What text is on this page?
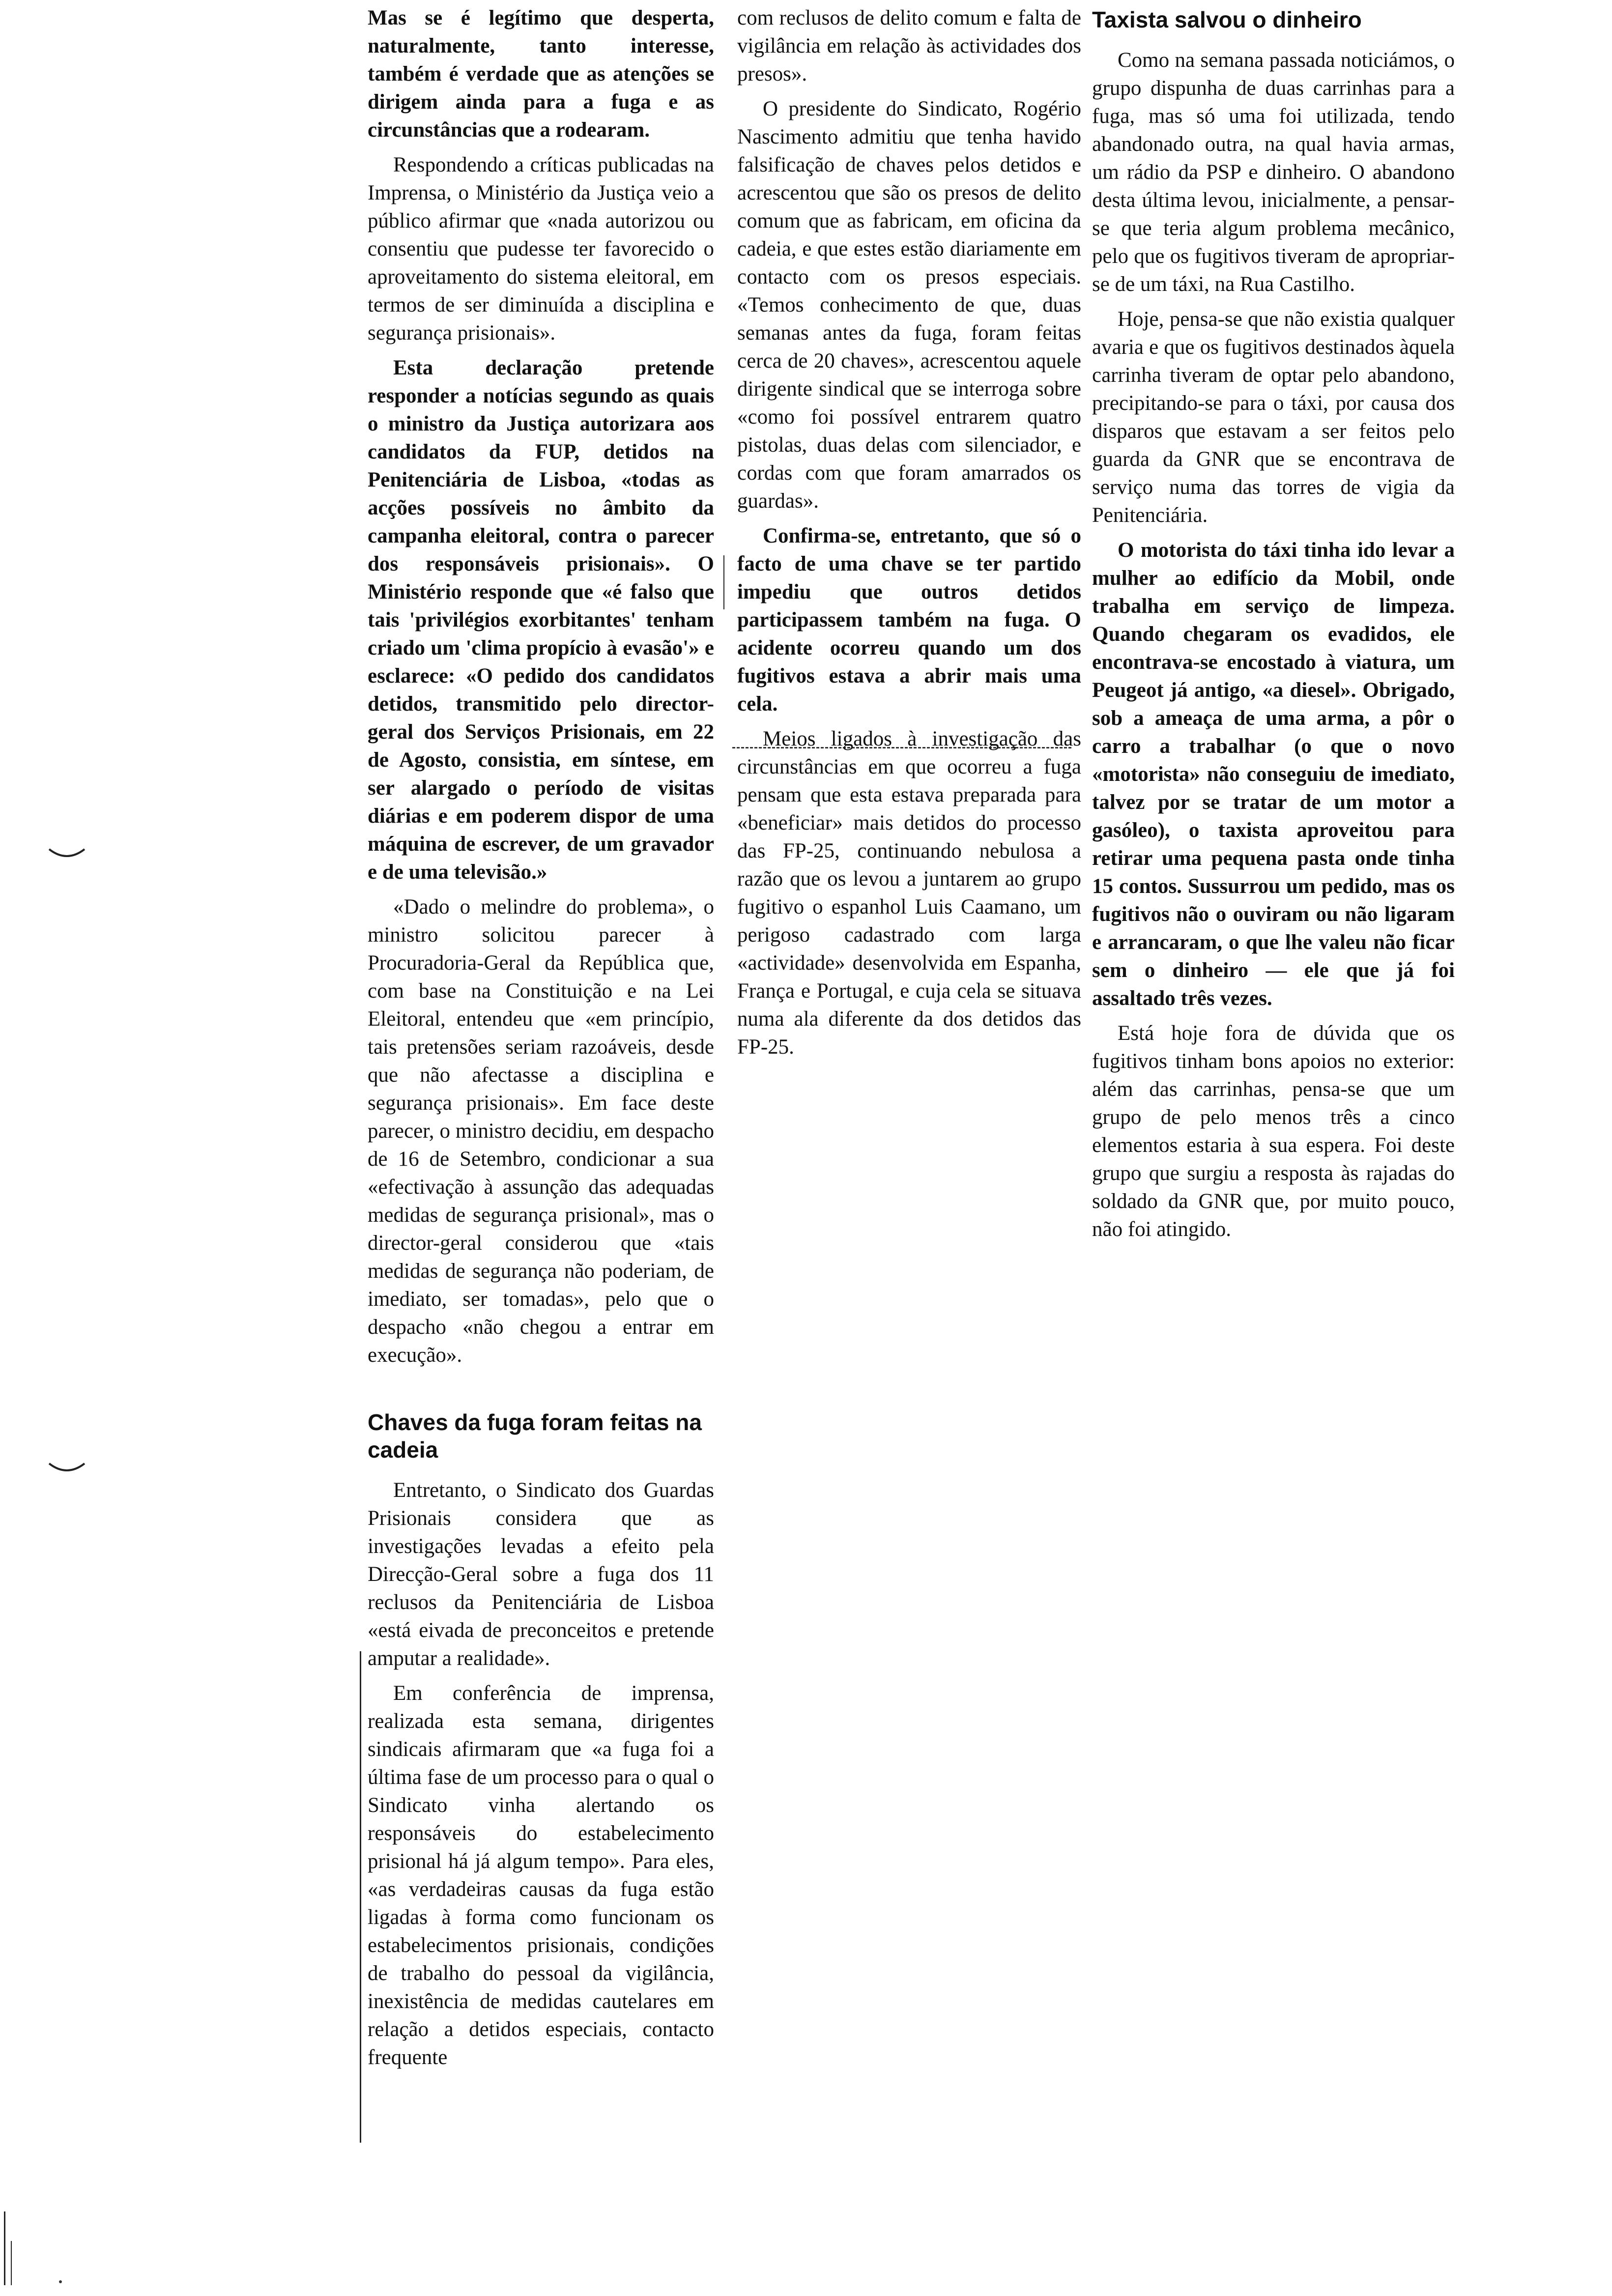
Mas se é legítimo que desperta, naturalmente, tanto interesse, também é verdade que as atenções se dirigem ainda para a fuga e as circunstâncias que a rodearam.

Respondendo a críticas publicadas na Imprensa, o Ministério da Justiça veio a público afirmar que «nada autorizou ou consentiu que pudesse ter favorecido o aproveitamento do sistema eleitoral, em termos de ser diminuída a disciplina e segurança prisionais».

Esta declaração pretende responder a notícias segundo as quais o ministro da Justiça autorizara aos candidatos da FUP, detidos na Penitenciária de Lisboa, «todas as acções possíveis no âmbito da campanha eleitoral, contra o parecer dos responsáveis prisionais». O Ministério responde que «é falso que tais 'privilégios exorbitantes' tenham criado um 'clima propício à evasão'» e esclarece: «O pedido dos candidatos detidos, transmitido pelo director-geral dos Serviços Prisionais, em 22 de Agosto, consistia, em síntese, em ser alargado o período de visitas diárias e em poderem dispor de uma máquina de escrever, de um gravador e de uma televisão.»

«Dado o melindre do problema», o ministro solicitou parecer à Procuradoria-Geral da República que, com base na Constituição e na Lei Eleitoral, entendeu que «em princípio, tais pretensões seriam razoáveis, desde que não afectasse a disciplina e segurança prisionais». Em face deste parecer, o ministro decidiu, em despacho de 16 de Setembro, condicionar a sua «efectivação à assunção das adequadas medidas de segurança prisional», mas o director-geral considerou que «tais medidas de segurança não poderiam, de imediato, ser tomadas», pelo que o despacho «não chegou a entrar em execução».

Chaves da fuga foram feitas na cadeia

Entretanto, o Sindicato dos Guardas Prisionais considera que as investigações levadas a efeito pela Direcção-Geral sobre a fuga dos 11 reclusos da Penitenciária de Lisboa «está eivada de preconceitos e pretende amputar a realidade».

Em conferência de imprensa, realizada esta semana, dirigentes sindicais afirmaram que «a fuga foi a última fase de um processo para o qual o Sindicato vinha alertando os responsáveis do estabelecimento prisional há já algum tempo». Para eles, «as verdadeiras causas da fuga estão ligadas à forma como funcionam os estabelecimentos prisionais, condições de trabalho do pessoal da vigilância, inexistência de medidas cautelares em relação a detidos especiais, contacto frequente

com reclusos de delito comum e falta de vigilância em relação às actividades dos presos».

O presidente do Sindicato, Rogério Nascimento admitiu que tenha havido falsificação de chaves pelos detidos e acrescentou que são os presos de delito comum que as fabricam, em oficina da cadeia, e que estes estão diariamente em contacto com os presos especiais. «Temos conhecimento de que, duas semanas antes da fuga, foram feitas cerca de 20 chaves», acrescentou aquele dirigente sindical que se interroga sobre «como foi possível entrarem quatro pistolas, duas delas com silenciador, e cordas com que foram amarrados os guardas».

Confirma-se, entretanto, que só o facto de uma chave se ter partido impediu que outros detidos participassem também na fuga. O acidente ocorreu quando um dos fugitivos estava a abrir mais uma cela.

Meios ligados à investigação das circunstâncias em que ocorreu a fuga pensam que esta estava preparada para «beneficiar» mais detidos do processo das FP-25, continuando nebulosa a razão que os levou a juntarem ao grupo fugitivo o espanhol Luis Caamano, um perigoso cadastrado com larga «actividade» desenvolvida em Espanha, França e Portugal, e cuja cela se situava numa ala diferente da dos detidos das FP-25.

Taxista salvou o dinheiro

Como na semana passada noticiámos, o grupo dispunha de duas carrinhas para a fuga, mas só uma foi utilizada, tendo abandonado outra, na qual havia armas, um rádio da PSP e dinheiro. O abandono desta última levou, inicialmente, a pensar-se que teria algum problema mecânico, pelo que os fugitivos tiveram de apropriar-se de um táxi, na Rua Castilho.

Hoje, pensa-se que não existia qualquer avaria e que os fugitivos destinados àquela carrinha tiveram de optar pelo abandono, precipitando-se para o táxi, por causa dos disparos que estavam a ser feitos pelo guarda da GNR que se encontrava de serviço numa das torres de vigia da Penitenciária.

O motorista do táxi tinha ido levar a mulher ao edifício da Mobil, onde trabalha em serviço de limpeza. Quando chegaram os evadidos, ele encontrava-se encostado à viatura, um Peugeot já antigo, «a diesel». Obrigado, sob a ameaça de uma arma, a pôr o carro a trabalhar (o que o novo «motorista» não conseguiu de imediato, talvez por se tratar de um motor a gasóleo), o taxista aproveitou para retirar uma pequena pasta onde tinha 15 contos. Sussurrou um pedido, mas os fugitivos não o ouviram ou não ligaram e arrancaram, o que lhe valeu não ficar sem o dinheiro — ele que já foi assaltado três vezes.

Está hoje fora de dúvida que os fugitivos tinham bons apoios no exterior: além das carrinhas, pensa-se que um grupo de pelo menos três a cinco elementos estaria à sua espera. Foi deste grupo que surgiu a resposta às rajadas do soldado da GNR que, por muito pouco, não foi atingido.
